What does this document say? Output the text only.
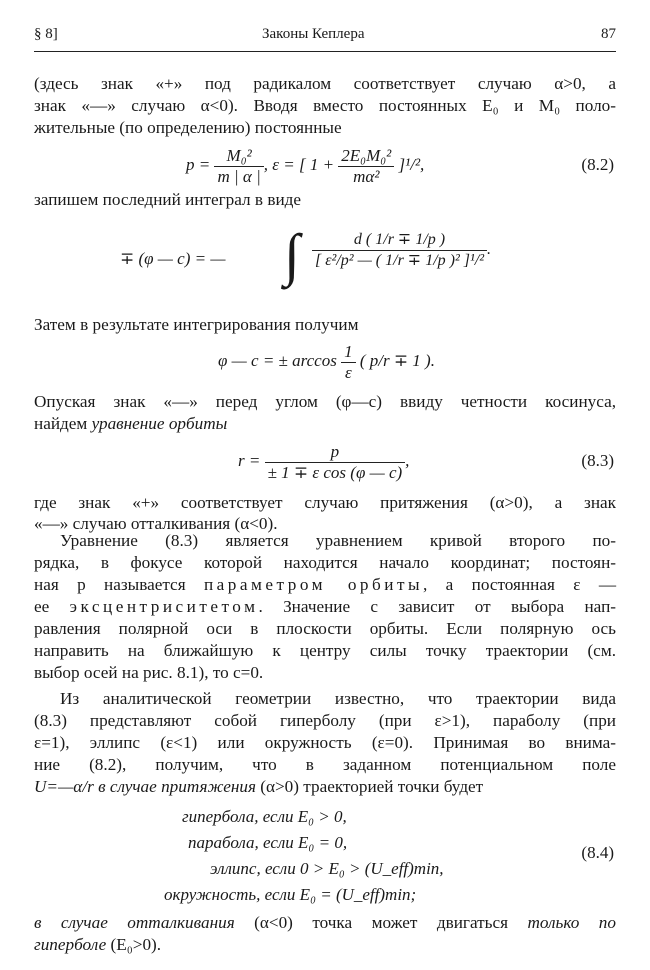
§ 8]	Законы Кеплера	87
(здесь знак «+» под радикалом соответствует случаю α>0, а
знак «—» случаю α<0). Вводя вместо постоянных E₀ и M₀ поло-
жительные (по определению) постоянные
$p = \frac{\text{M₀²}}{m | \alpha |}$ , ε = [ $1 + \frac{\text{2E₀M₀²}}{\text{mα²}} ]^1/^2$,	(8.2)
запишем последний интеграл в виде
∓ (φ — c) = — ∫ $\frac{d ( 1/r \mp 1/p )}{\text{[ ε²/p² — ( 1/r ∓ 1/p )² ]¹/²}}$ .
Затем в результате интегрирования получим
φ — c = ± $\arccos \frac{1}{\varepsilon}$ ( p/r ∓ 1 ).
Опуская знак «—» перед углом (φ—c) ввиду четности косинуса,
найдем уравнение орбиты
$r = \frac{p}{\text{± 1 ∓ ε cos (φ — c)}}$ ,	(8.3)
где знак «+» соответствует случаю притяжения (α>0), а знак
«—» случаю отталкивания (α<0).
Уравнение (8.3) является уравнением кривой второго по-
рядка, в фокусе которой находится начало координат; постоян-
ная p называется параметром орбиты, а постоянная ε —
ее эксцентриситетом. Значение c зависит от выбора нап-
равления полярной оси в плоскости орбиты. Если полярную ось
направить на ближайшую к центру силы точку траектории (см.
выбор осей на рис. 8.1), то c=0.
Из аналитической геометрии известно, что траектории вида
(8.3) представляют собой гиперболу (при ε>1), параболу (при
ε=1), эллипс (ε<1) или окружность (ε=0). Принимая во внима-
ние (8.2), получим, что в заданном потенциальном поле
U=—α/r в случае притяжения (α>0) траекторией точки будет
гипербола, если E₀ > 0,
парабола, если E₀ = 0,
эллипс, если 0 > E₀ > (U_eff)min,
окружность, если E₀ = (U_eff)min;
(8.4)
в случае отталкивания (α<0) точка может двигаться только по
гиперболе (E₀>0).
